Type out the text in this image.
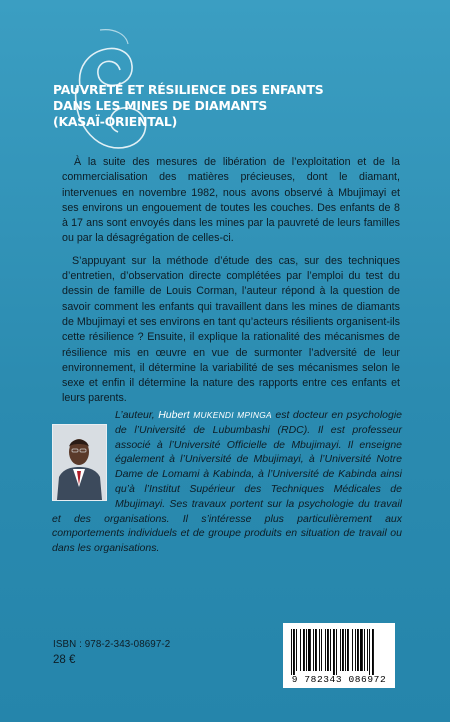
PAUVRETÉ ET RÉSILIENCE DES ENFANTS
DANS LES MINES DE DIAMANTS
(KASAÏ-ORIENTAL)

À la suite des mesures de libération de l’exploitation et de la commercialisation des matières précieuses, dont le diamant, intervenues en novembre 1982, nous avons observé à Mbujimayi et ses environs un engouement de toutes les couches. Des enfants de 8 à 17 ans sont envoyés dans les mines par la pauvreté de leurs familles ou par la désagrégation de celles-ci.

S’appuyant sur la méthode d’étude des cas, sur des techniques d’entretien, d’observation directe complétées par l’emploi du test du dessin de famille de Louis Corman, l’auteur répond à la question de savoir comment les enfants qui travaillent dans les mines de diamants de Mbujimayi et ses environs en tant qu’acteurs résilients organisent-ils cette résilience ? Ensuite, il explique la rationalité des mécanismes de résilience mis en œuvre en vue de surmonter l’adversité de leur environnement, il détermine la variabilité de ses mécanismes selon le sexe et enfin il détermine la nature des rapports entre ces enfants et leurs parents.

L’auteur, Hubert MUKENDI MPINGA est docteur en psychologie de l’Université de Lubumbashi (RDC). Il est professeur associé à l’Université Officielle de Mbujimayi. Il enseigne également à l’Université de Mbujimayi, à l’Université Notre Dame de Lomami à Kabinda, à l’Université de Kabinda ainsi qu’à l’Institut Supérieur des Techniques Médicales de Mbujimayi. Ses travaux portent sur la psychologie du travail et des organisations. Il s’intéresse plus particulièrement aux comportements individuels et de groupe produits en situation de travail ou dans les organisations.
ISBN : 978-2-343-08697-2
28 €
9 782343 086972
